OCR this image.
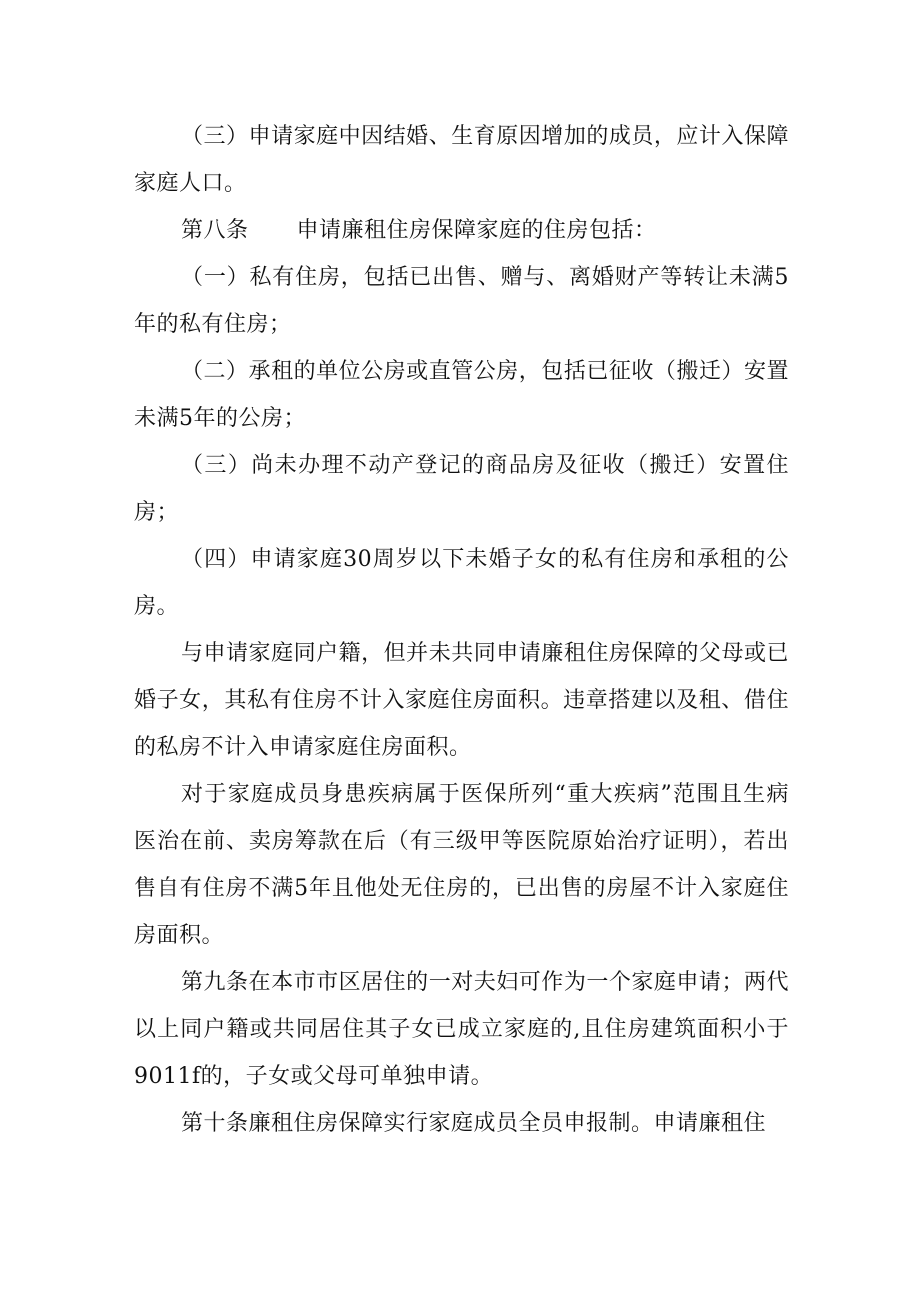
（三）申请家庭中因结婚、生育原因增加的成员，应计入保障家庭人口。

第八条 申请廉租住房保障家庭的住房包括：

（一）私有住房，包括已出售、赠与、离婚财产等转让未满5年的私有住房；

（二）承租的单位公房或直管公房，包括已征收（搬迁）安置未满5年的公房；

（三）尚未办理不动产登记的商品房及征收（搬迁）安置住房；

（四）申请家庭30周岁以下未婚子女的私有住房和承租的公房。

与申请家庭同户籍，但并未共同申请廉租住房保障的父母或已婚子女，其私有住房不计入家庭住房面积。违章搭建以及租、借住的私房不计入申请家庭住房面积。

对于家庭成员身患疾病属于医保所列“重大疾病”范围且生病医治在前、卖房筹款在后（有三级甲等医院原始治疗证明），若出售自有住房不满5年且他处无住房的，已出售的房屋不计入家庭住房面积。

第九条在本市市区居住的一对夫妇可作为一个家庭申请；两代以上同户籍或共同居住其子女已成立家庭的,且住房建筑面积小于9011f的，子女或父母可单独申请。

第十条廉租住房保障实行家庭成员全员申报制。申请廉租住
